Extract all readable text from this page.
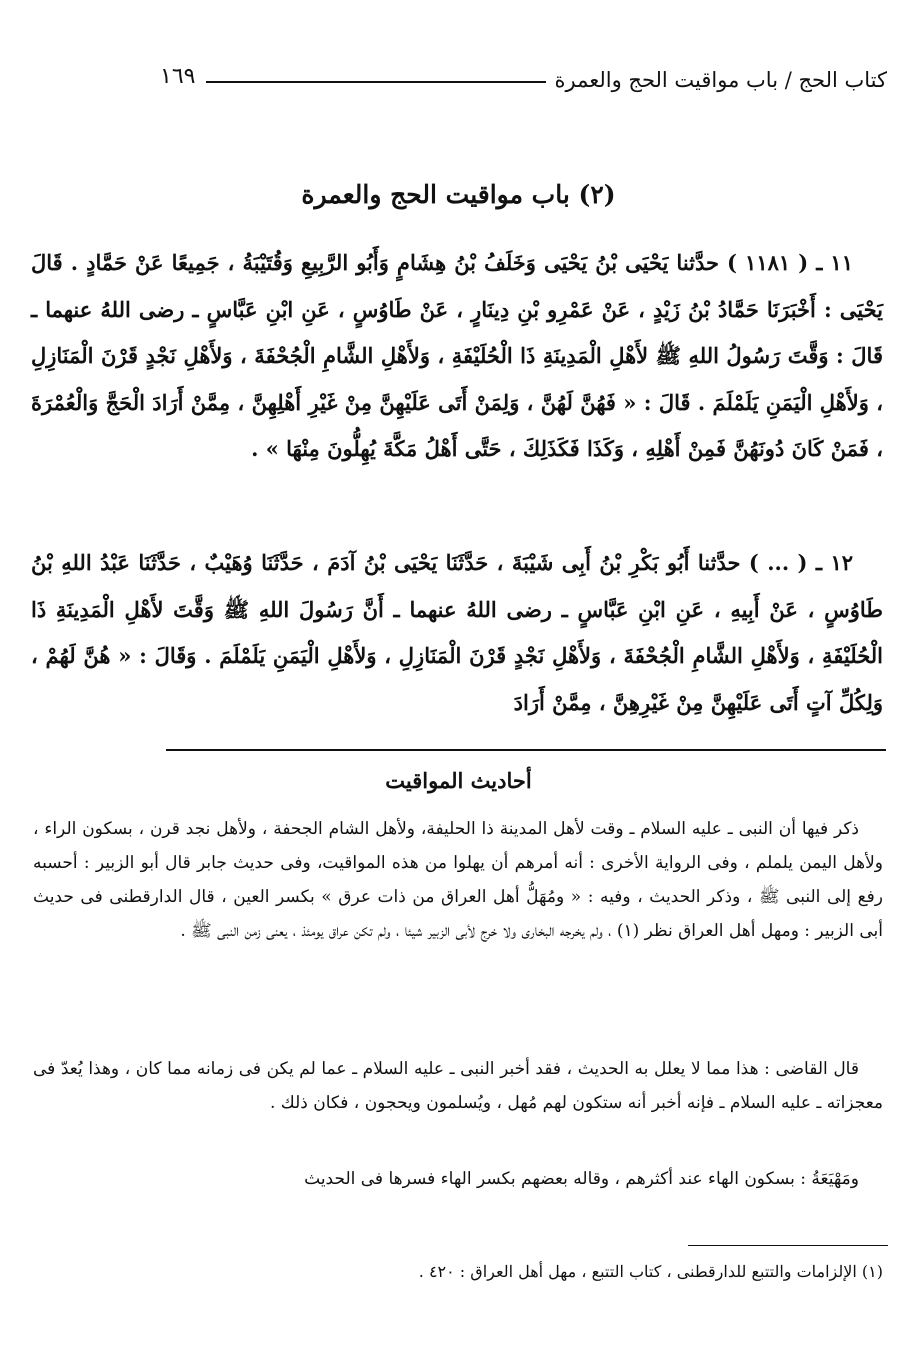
كتاب الحج / باب مواقيت الحج والعمرة
١٦٩
(٢) باب مواقيت الحج والعمرة

١١ ـ ( ١١٨١ ) حدَّثنا يَحْيَى بْنُ يَحْيَى وَخَلَفُ بْنُ هِشَامٍ وَأَبُو الرَّبِيعِ وَقُتَيْبَةُ ، جَمِيعًا عَنْ حَمَّادٍ . قَالَ يَحْيَى : أَخْبَرَنَا حَمَّادُ بْنُ زَيْدٍ ، عَنْ عَمْرِو بْنِ دِينَارٍ ، عَنْ طَاوُسٍ ، عَنِ ابْنِ عَبَّاسٍ ـ رضى اللهُ عنهما ـ قَالَ : وَقَّتَ رَسُولُ اللهِ ﷺ لأَهْلِ الْمَدِينَةِ ذَا الْحُلَيْفَةِ ، وَلأَهْلِ الشَّامِ الْجُحْفَةَ ، وَلأَهْلِ نَجْدٍ قَرْنَ الْمَنَازِلِ ، وَلأَهْلِ الْيَمَنِ يَلَمْلَمَ . قَالَ : « فَهُنَّ لَهُنَّ ، وَلِمَنْ أَتَى عَلَيْهِنَّ مِنْ غَيْرِ أَهْلِهِنَّ ، مِمَّنْ أَرَادَ الْحَجَّ وَالْعُمْرَةَ ، فَمَنْ كَانَ دُونَهُنَّ فَمِنْ أَهْلِهِ ، وَكَذَا فَكَذَلِكَ ، حَتَّى أَهْلُ مَكَّةَ يُهِلُّونَ مِنْهَا » .

١٢ ـ ( ... ) حدَّثنا أَبُو بَكْرِ بْنُ أَبِى شَيْبَةَ ، حَدَّثَنَا يَحْيَى بْنُ آدَمَ ، حَدَّثَنَا وُهَيْبٌ ، حَدَّثَنَا عَبْدُ اللهِ بْنُ طَاوُسٍ ، عَنْ أَبِيهِ ، عَنِ ابْنِ عَبَّاسٍ ـ رضى اللهُ عنهما ـ أَنَّ رَسُولَ اللهِ ﷺ وَقَّتَ لأَهْلِ الْمَدِينَةِ ذَا الْحُلَيْفَةِ ، وَلأَهْلِ الشَّامِ الْجُحْفَةَ ، وَلأَهْلِ نَجْدٍ قَرْنَ الْمَنَازِلِ ، وَلأَهْلِ الْيَمَنِ يَلَمْلَمَ . وَقَالَ : « هُنَّ لَهُمْ ، وَلِكُلِّ آتٍ أَتَى عَلَيْهِنَّ مِنْ غَيْرِهِنَّ ، مِمَّنْ أَرَادَ

أحاديث المواقيت

ذكر فيها أن النبى ـ عليه السلام ـ وقت لأهل المدينة ذا الحليفة، ولأهل الشام الجحفة ، ولأهل نجد قرن ، بسكون الراء ، ولأهل اليمن يلملم ، وفى الرواية الأخرى : أنه أمرهم أن يهلوا من هذه المواقيت، وفى حديث جابر قال أبو الزبير : أحسبه رفع إلى النبى ﷺ ، وذكر الحديث ، وفيه : « ومُهَلُّ أهل العراق من ذات عرق » بكسر العين ، قال الدارقطنى فى حديث أبى الزبير : ومهل أهل العراق نظر (١) ، ولم يخرجه البخارى ولا خرج لأبى الزبير شيئا ، ولم تكن عراق يومئذ ، يعنى زمن النبى ﷺ .

قال القاضى : هذا مما لا يعلل به الحديث ، فقد أخبر النبى ـ عليه السلام ـ عما لم يكن فى زمانه مما كان ، وهذا يُعدّ فى معجزاته ـ عليه السلام ـ فإنه أخبر أنه ستكون لهم مُهل ، ويُسلمون ويحجون ، فكان ذلك .

ومَهْيَعَةُ : بسكون الهاء عند أكثرهم ، وقاله بعضهم بكسر الهاء فسرها فى الحديث

(١) الإلزامات والتتبع للدارقطنى ، كتاب التتبع ، مهل أهل العراق : ٤٢٠ .
